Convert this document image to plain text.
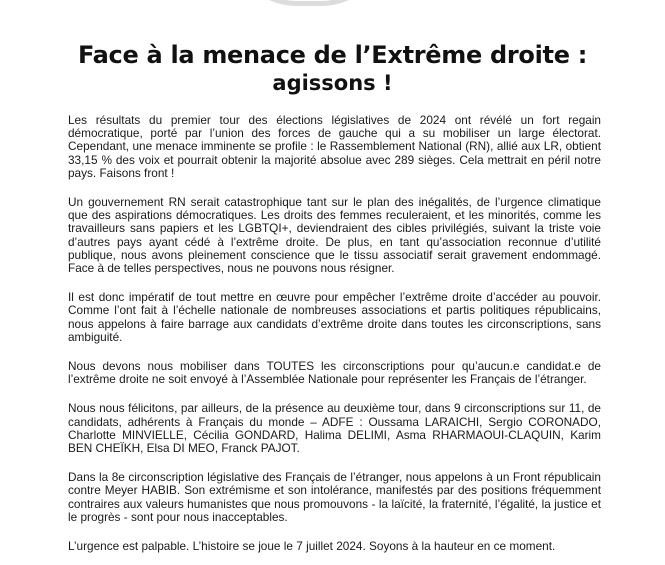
Face à la menace de l’Extrême droite :
agissons !

Les résultats du premier tour des élections législatives de 2024 ont révélé un fort regain démocratique, porté par l’union des forces de gauche qui a su mobiliser un large électorat. Cependant, une menace imminente se profile : le Rassemblement National (RN), allié aux LR, obtient 33,15 % des voix et pourrait obtenir la majorité absolue avec 289 sièges. Cela mettrait en péril notre pays. Faisons front !

Un gouvernement RN serait catastrophique tant sur le plan des inégalités, de l’urgence climatique que des aspirations démocratiques. Les droits des femmes reculeraient, et les minorités, comme les travailleurs sans papiers et les LGBTQI+, deviendraient des cibles privilégiés, suivant la triste voie d’autres pays ayant cédé à l’extrême droite. De plus, en tant qu’association reconnue d’utilité publique, nous avons pleinement conscience que le tissu associatif serait gravement endommagé. Face à de telles perspectives, nous ne pouvons nous résigner.

Il est donc impératif de tout mettre en œuvre pour empêcher l’extrême droite d’accéder au pouvoir. Comme l’ont fait à l’échelle nationale de nombreuses associations et partis politiques républicains, nous appelons à faire barrage aux candidats d’extrême droite dans toutes les circonscriptions, sans ambiguité.

Nous devons nous mobiliser dans TOUTES les circonscriptions pour qu’aucun.e candidat.e de l’extrême droite ne soit envoyé à l’Assemblée Nationale pour représenter les Français de l’étranger.

Nous nous félicitons, par ailleurs, de la présence au deuxième tour, dans 9 circonscriptions sur 11, de candidats, adhérents à Français du monde – ADFE : Oussama LARAICHI, Sergio CORONADO, Charlotte MINVIELLE, Cécilia GONDARD, Halima DELIMI, Asma RHARMAOUI-CLAQUIN, Karim BEN CHEÏKH, Elsa DI MEO, Franck PAJOT.

Dans la 8e circonscription législative des Français de l’étranger, nous appelons à un Front républicain contre Meyer HABIB. Son extrémisme et son intolérance, manifestés par des positions fréquemment contraires aux valeurs humanistes que nous promouvons - la laïcité, la fraternité, l’égalité, la justice et le progrès - sont pour nous inacceptables.

L’urgence est palpable. L’histoire se joue le 7 juillet 2024. Soyons à la hauteur en ce moment.
